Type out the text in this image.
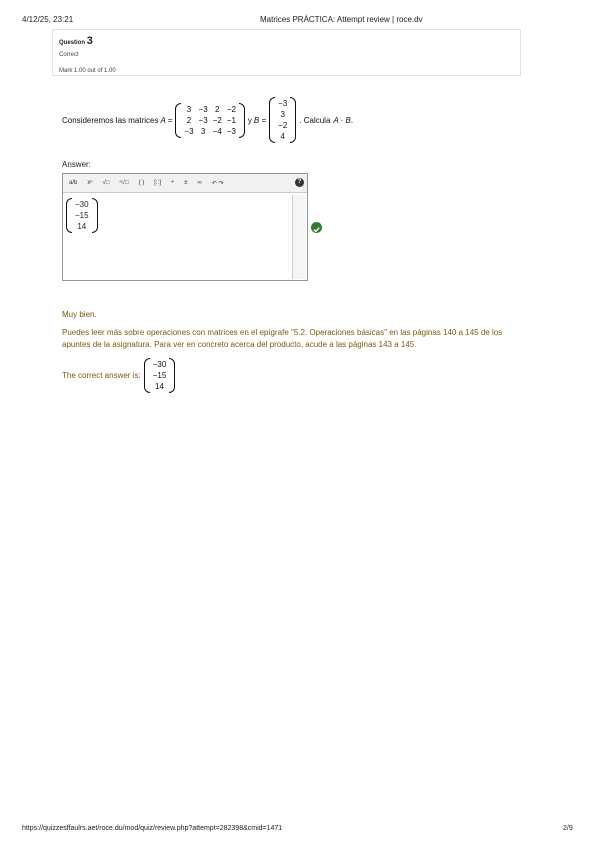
4/12/25, 23:21	Matrices PRÁCTICA: Attempt review | roce.dv
Question 3
Correct
Mark 1.00 out of 1.00
Consideremos las matrices A =
3 −3 2 −2
2 −3 −2 −1
−3 3 −4 −3
y B =
−3
3
−2
4
. Calcula A · B .
Answer:
a/b xⁿ √□ ⁿ√□ ( ) [::] ÷ ± ∞ ↶ ↷	?
−30
−15
14
Muy bien.
Puedes leer más sobre operaciones con matrices en el epígrafe "5.2. Operaciones básicas" en las páginas 140 a 145 de los apuntes de la asignatura. Para ver en concreto acerca del producto, acude a las páginas 143 a 145.
The correct answer is:
−30
−15
14
https://quizzesffaulrs.aet/roce.du/mod/quiz/review.php?attempt=282398&cmid=1471	2/9
